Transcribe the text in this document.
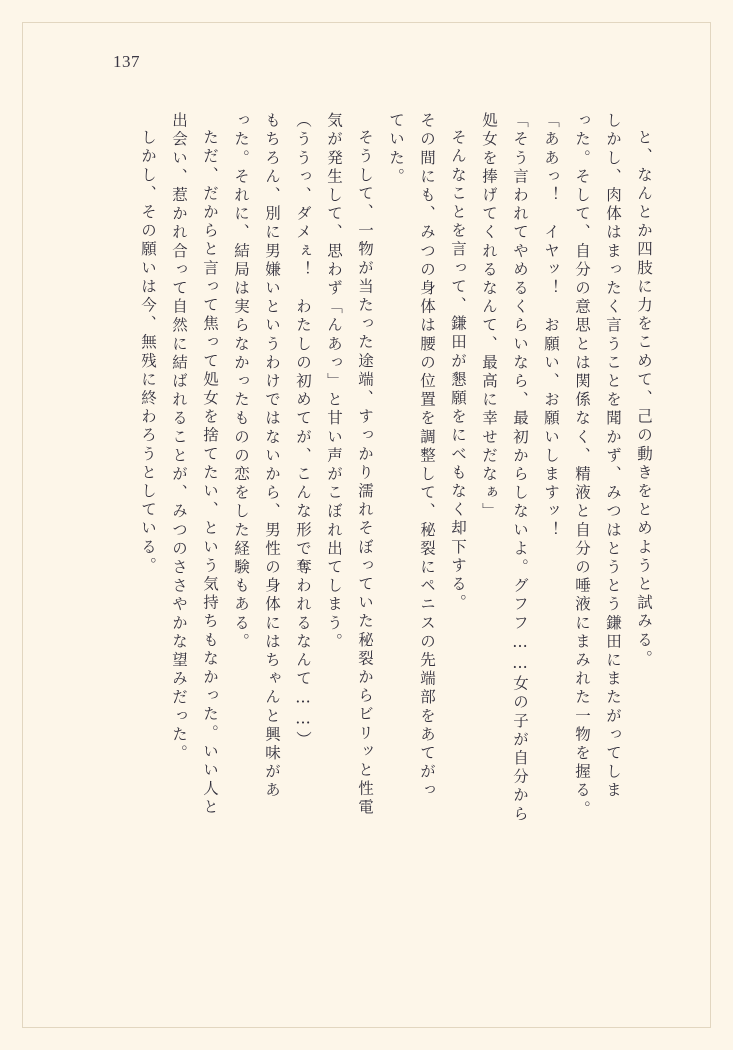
137
と、なんとか四肢に力をこめて、己の動きをとめようと試みる。
しかし、肉体はまったく言うことを聞かず、みつはとうとう鎌田にまたがってしま
った。そして、自分の意思とは関係なく、精液と自分の唾液にまみれた一物を握る。
「ああっ！　イヤッ！　お願い、お願いしますッ！
「そう言われてやめるくらいなら、最初からしないよ。グフフ……女の子が自分から
処女を捧げてくれるなんて、最高に幸せだなぁ」
そんなことを言って、鎌田が懇願をにべもなく却下する。
その間にも、みつの身体は腰の位置を調整して、秘裂にペニスの先端部をあてがっ
ていた。
そうして、一物が当たった途端、すっかり濡れそぼっていた秘裂からビリッと性電
気が発生して、思わず「んあっ」と甘い声がこぼれ出てしまう。
（ううっ、ダメぇ！　わたしの初めてが、こんな形で奪われるなんて……）
もちろん、別に男嫌いというわけではないから、男性の身体にはちゃんと興味があ
った。それに、結局は実らなかったものの恋をした経験もある。
ただ、だからと言って焦って処女を捨てたい、という気持ちもなかった。いい人と
出会い、惹かれ合って自然に結ばれることが、みつのささやかな望みだった。
しかし、その願いは今、無残に終わろうとしている。
